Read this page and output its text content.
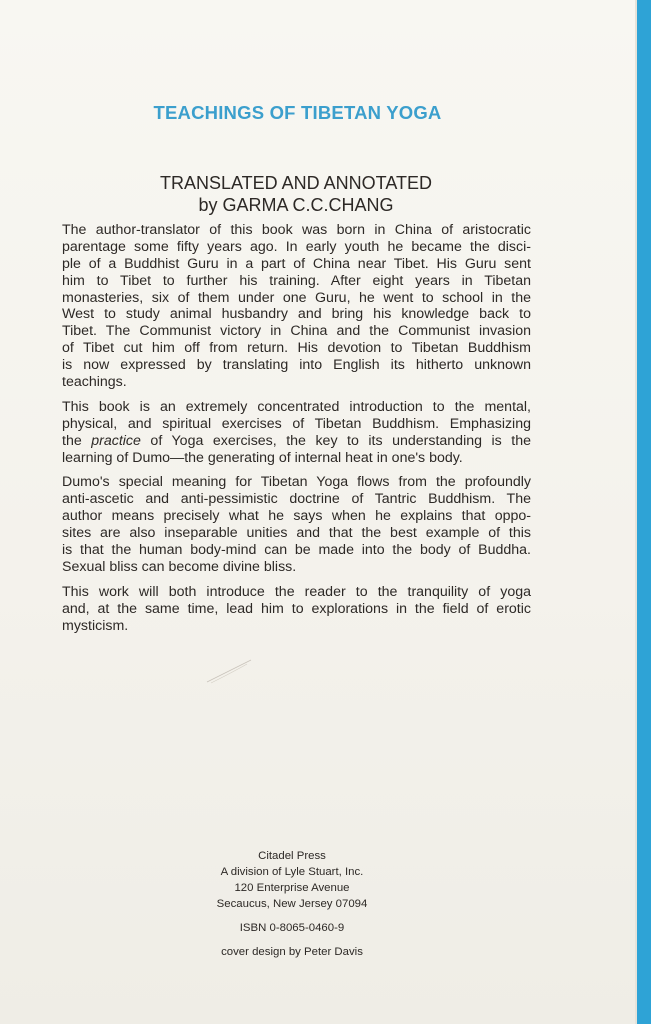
TEACHINGS OF TIBETAN YOGA
TRANSLATED AND ANNOTATED
by GARMA C.C.CHANG
The author-translator of this book was born in China of aristocratic
parentage some fifty years ago. In early youth he became the disci-
ple of a Buddhist Guru in a part of China near Tibet. His Guru sent
him to Tibet to further his training. After eight years in Tibetan
monasteries, six of them under one Guru, he went to school in the
West to study animal husbandry and bring his knowledge back to
Tibet. The Communist victory in China and the Communist invasion
of Tibet cut him off from return. His devotion to Tibetan Buddhism
is now expressed by translating into English its hitherto unknown
teachings.
This book is an extremely concentrated introduction to the mental,
physical, and spiritual exercises of Tibetan Buddhism. Emphasizing
the practice of Yoga exercises, the key to its understanding is the
learning of Dumo—the generating of internal heat in one's body.
Dumo's special meaning for Tibetan Yoga flows from the profoundly
anti-ascetic and anti-pessimistic doctrine of Tantric Buddhism. The
author means precisely what he says when he explains that oppo-
sites are also inseparable unities and that the best example of this
is that the human body-mind can be made into the body of Buddha.
Sexual bliss can become divine bliss.
This work will both introduce the reader to the tranquility of yoga
and, at the same time, lead him to explorations in the field of erotic
mysticism.
Citadel Press
A division of Lyle Stuart, Inc.
120 Enterprise Avenue
Secaucus, New Jersey 07094
ISBN 0-8065-0460-9
cover design by Peter Davis
